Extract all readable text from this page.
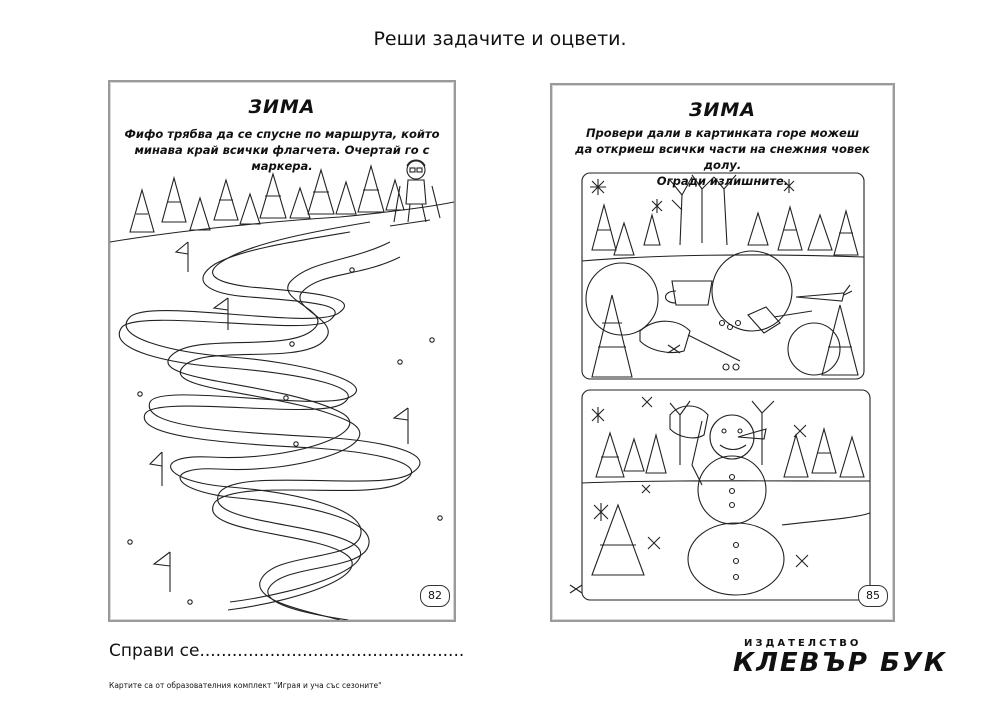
Реши задачите и оцвети.
ЗИМА
Фифо трябва да се спусне по маршрута, който
минава край всички флагчета. Очертай го с маркера.
82
ЗИМА
Провери дали в картинката горе можеш
да откриеш всички части на снежния човек долу.
Огради излишните.
85
Справи се.................................................
Картите са от образователния комплект "Играя и уча със сезоните"
ИЗДАТЕЛСТВО
КЛЕВЪР БУК
